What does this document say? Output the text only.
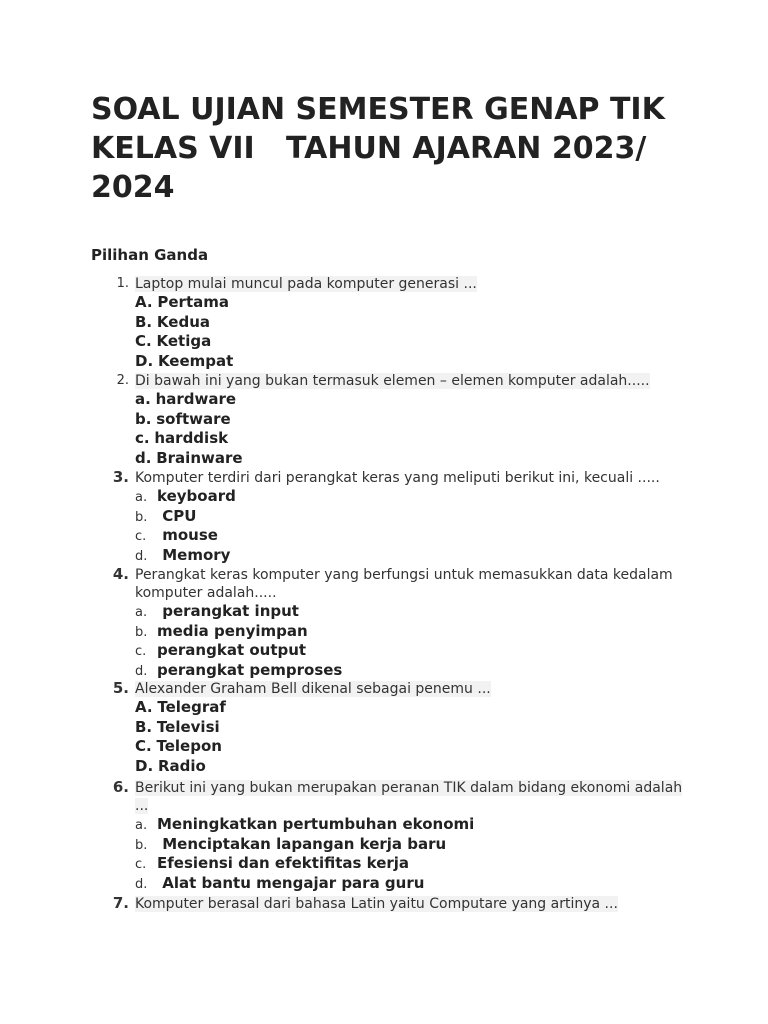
SOAL UJIAN SEMESTER GENAP TIK KELAS VII   TAHUN AJARAN 2023/ 2024
Pilihan Ganda
1. Laptop mulai muncul pada komputer generasi ...
A. Pertama
B. Kedua
C. Ketiga
D. Keempat
2. Di bawah ini yang bukan termasuk elemen – elemen komputer adalah.....
a. hardware
b. software
c. harddisk
d. Brainware
3. Komputer terdiri dari perangkat keras yang meliputi berikut ini, kecuali .....
a. keyboard
b. CPU
c. mouse
d. Memory
4. Perangkat keras komputer yang berfungsi untuk memasukkan data kedalam komputer adalah.....
a. perangkat input
b. media penyimpan
c. perangkat output
d. perangkat pemproses
5. Alexander Graham Bell dikenal sebagai penemu ...
A. Telegraf
B. Televisi
C. Telepon
D. Radio
6. Berikut ini yang bukan merupakan peranan TIK dalam bidang ekonomi adalah ...
a. Meningkatkan pertumbuhan ekonomi
b. Menciptakan lapangan kerja baru
c. Efesiensi dan efektifitas kerja
d. Alat bantu mengajar para guru
7. Komputer berasal dari bahasa Latin yaitu Computare yang artinya ...
